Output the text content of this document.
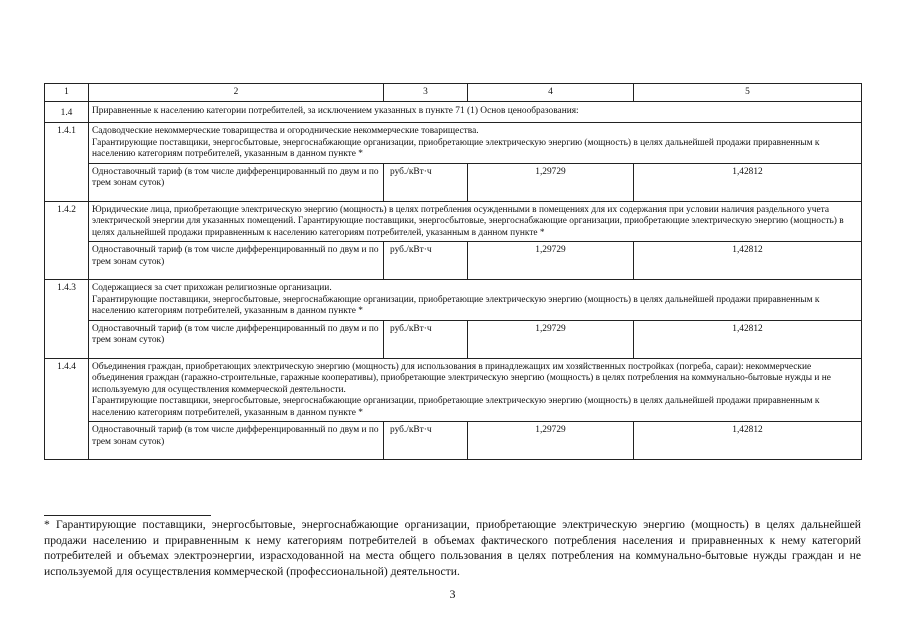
1	2	3	4	5
1.4	Приравненные к населению категории потребителей, за исключением указанных в пункте 71 (1) Основ ценообразования:			
1.4.1	Садоводческие некоммерческие товарищества и огороднические некоммерческие товарищества.
Гарантирующие поставщики, энергосбытовые, энергоснабжающие организации, приобретающие электрическую энергию (мощность) в целях дальнейшей продажи приравненным к населению категориям потребителей, указанным в данном пункте *			

	Одноставочный тариф (в том числе дифференцированный по двум и по трем зонам суток)	руб./кВт·ч	1,29729	1,42812
1.4.2	Юридические лица, приобретающие электрическую энергию (мощность) в целях потребления осужденными в помещениях для их содержания при условии наличия раздельного учета электрической энергии для указанных помещений. Гарантирующие поставщики, энергосбытовые, энергоснабжающие организации, приобретающие электрическую энергию (мощность) в целях дальнейшей продажи приравненным к населению категориям потребителей, указанным в данном пункте *			

	Одноставочный тариф (в том числе дифференцированный по двум и по трем зонам суток)	руб./кВт·ч	1,29729	1,42812
1.4.3	Содержащиеся за счет прихожан религиозные организации.
Гарантирующие поставщики, энергосбытовые, энергоснабжающие организации, приобретающие электрическую энергию (мощность) в целях дальнейшей продажи приравненным к населению категориям потребителей, указанным в данном пункте *			

	Одноставочный тариф (в том числе дифференцированный по двум и по трем зонам суток)	руб./кВт·ч	1,29729	1,42812
1.4.4	Объединения граждан, приобретающих электрическую энергию (мощность) для использования в принадлежащих им хозяйственных постройках (погреба, сараи): некоммерческие объединения граждан (гаражно-строительные, гаражные кооперативы), приобретающие электрическую энергию (мощность) в целях потребления на коммунально-бытовые нужды и не используемую для осуществления коммерческой деятельности.
Гарантирующие поставщики, энергосбытовые, энергоснабжающие организации, приобретающие электрическую энергию (мощность) в целях дальнейшей продажи приравненным к населению категориям потребителей, указанным в данном пункте *			

	Одноставочный тариф (в том числе дифференцированный по двум и по трем зонам суток)	руб./кВт·ч	1,29729	1,42812
* Гарантирующие поставщики, энергосбытовые, энергоснабжающие организации, приобретающие электрическую энергию (мощность) в целях дальнейшей продажи населению и приравненным к нему категориям потребителей в объемах фактического потребления населения и приравненных к нему категорий потребителей и объемах электроэнергии, израсходованной на места общего пользования в целях потребления на коммунально-бытовые нужды граждан и не используемой для осуществления коммерческой (профессиональной) деятельности.
3
